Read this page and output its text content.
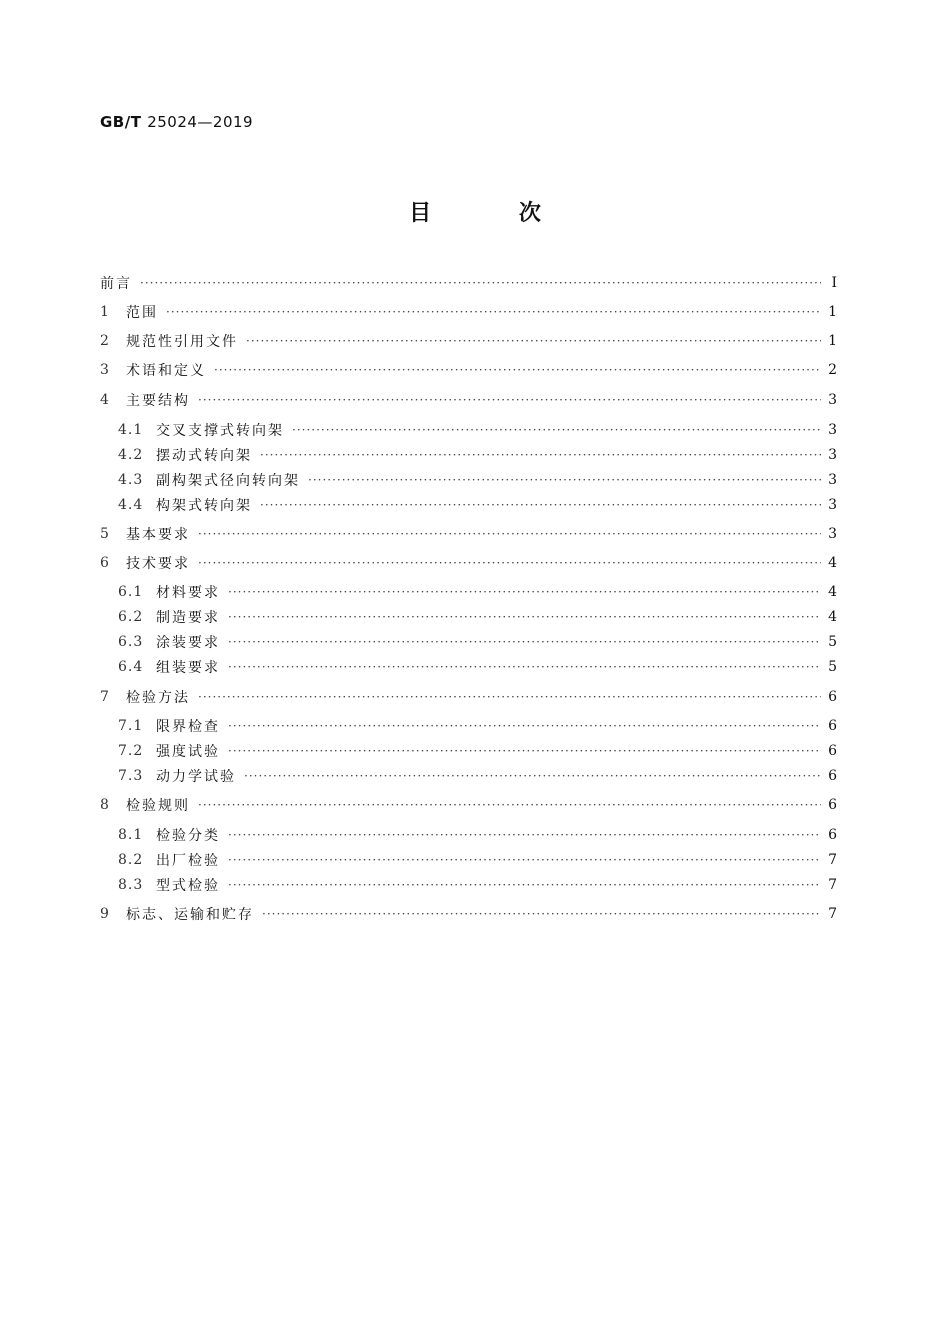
GB/T 25024—2019
目 次
前言 ·····	Ⅰ
1	范围 ·····	1
2	规范性引用文件 ·····	1
3	术语和定义 ·····	2
4	主要结构 ·····	3
4.1 交叉支撑式转向架 ·····	3
4.2 摆动式转向架 ·····	3
4.3 副构架式径向转向架 ·····	3
4.4 构架式转向架 ·····	3
5	基本要求 ·····	3
6	技术要求 ·····	4
6.1 材料要求 ·····	4
6.2 制造要求 ·····	4
6.3 涂装要求 ·····	5
6.4 组装要求 ·····	5
7	检验方法 ·····	6
7.1 限界检查 ·····	6
7.2 强度试验 ·····	6
7.3 动力学试验 ·····	6
8	检验规则 ·····	6
8.1 检验分类 ·····	6
8.2 出厂检验 ·····	7
8.3 型式检验 ·····	7
9	标志、运输和贮存 ·····	7
